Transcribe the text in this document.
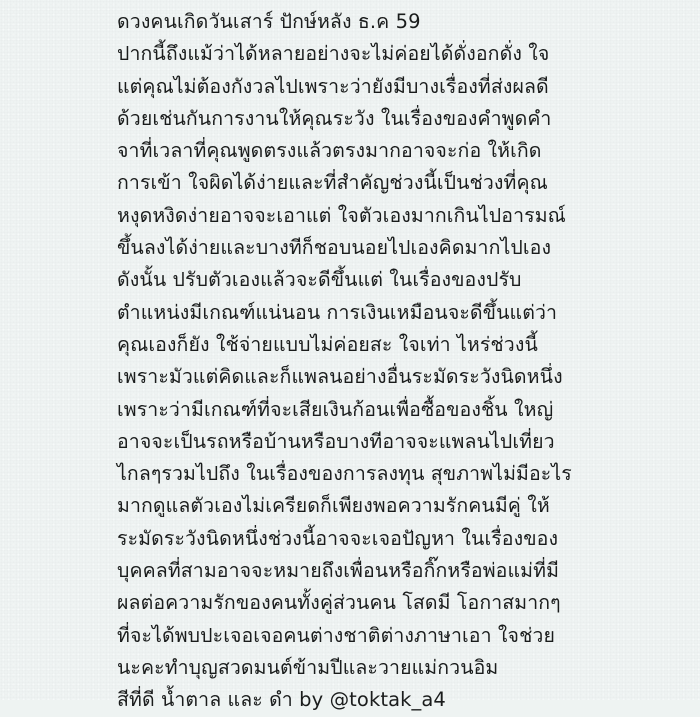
ดวงคนเกิดวันเสาร์ ปักษ์หลัง ธ.ค 59
ปากนี้ถึงแม้ว่าได้หลายอย่างจะไม่ค่อยได้ดั่งอกดั่ง ใจ
แต่คุณไม่ต้องกังวลไปเพราะว่ายังมีบางเรื่องที่ส่งผลดี
ด้วยเช่นกันการงานให้คุณระวัง ในเรื่องของคำพูดคำ
จาที่เวลาที่คุณพูดตรงแล้วตรงมากอาจจะก่อ ให้เกิด
การเข้า ใจผิดได้ง่ายและที่สำคัญช่วงนี้เป็นช่วงที่คุณ
หงุดหงิดง่ายอาจจะเอาแต่ ใจตัวเองมากเกินไปอารมณ์
ขึ้นลงได้ง่ายและบางทีก็ชอบนอยไปเองคิดมากไปเอง
ดังนั้น ปรับตัวเองแล้วจะดีขึ้นแต่ ในเรื่องของปรับ
ตำแหน่งมีเกณฑ์แน่นอน การเงินเหมือนจะดีขึ้นแต่ว่า
คุณเองก็ยัง ใช้จ่ายแบบไม่ค่อยสะ ใจเท่า ไหร่ช่วงนี้
เพราะมัวแต่คิดและก็แพลนอย่างอื่นระมัดระวังนิดหนึ่ง
เพราะว่ามีเกณฑ์ที่จะเสียเงินก้อนเพื่อซื้อของชิ้น ใหญ่
อาจจะเป็นรถหรือบ้านหรือบางทีอาจจะแพลนไปเที่ยว
ไกลๆรวมไปถึง ในเรื่องของการลงทุน สุขภาพไม่มีอะไร
มากดูแลตัวเองไม่เครียดก็เพียงพอความรักคนมีคู่ ให้
ระมัดระวังนิดหนึ่งช่วงนี้อาจจะเจอปัญหา ในเรื่องของ
บุคคลที่สามอาจจะหมายถึงเพื่อนหรือกิ๊กหรือพ่อแม่ที่มี
ผลต่อความรักของคนทั้งคู่ส่วนคน โสดมี โอกาสมากๆ
ที่จะได้พบปะเจอเจอคนต่างชาติต่างภาษาเอา ใจช่วย
นะคะทำบุญสวดมนต์ข้ามปีและวายแม่กวนอิม
สีที่ดี น้ำตาล และ ดำ by @toktak_a4
